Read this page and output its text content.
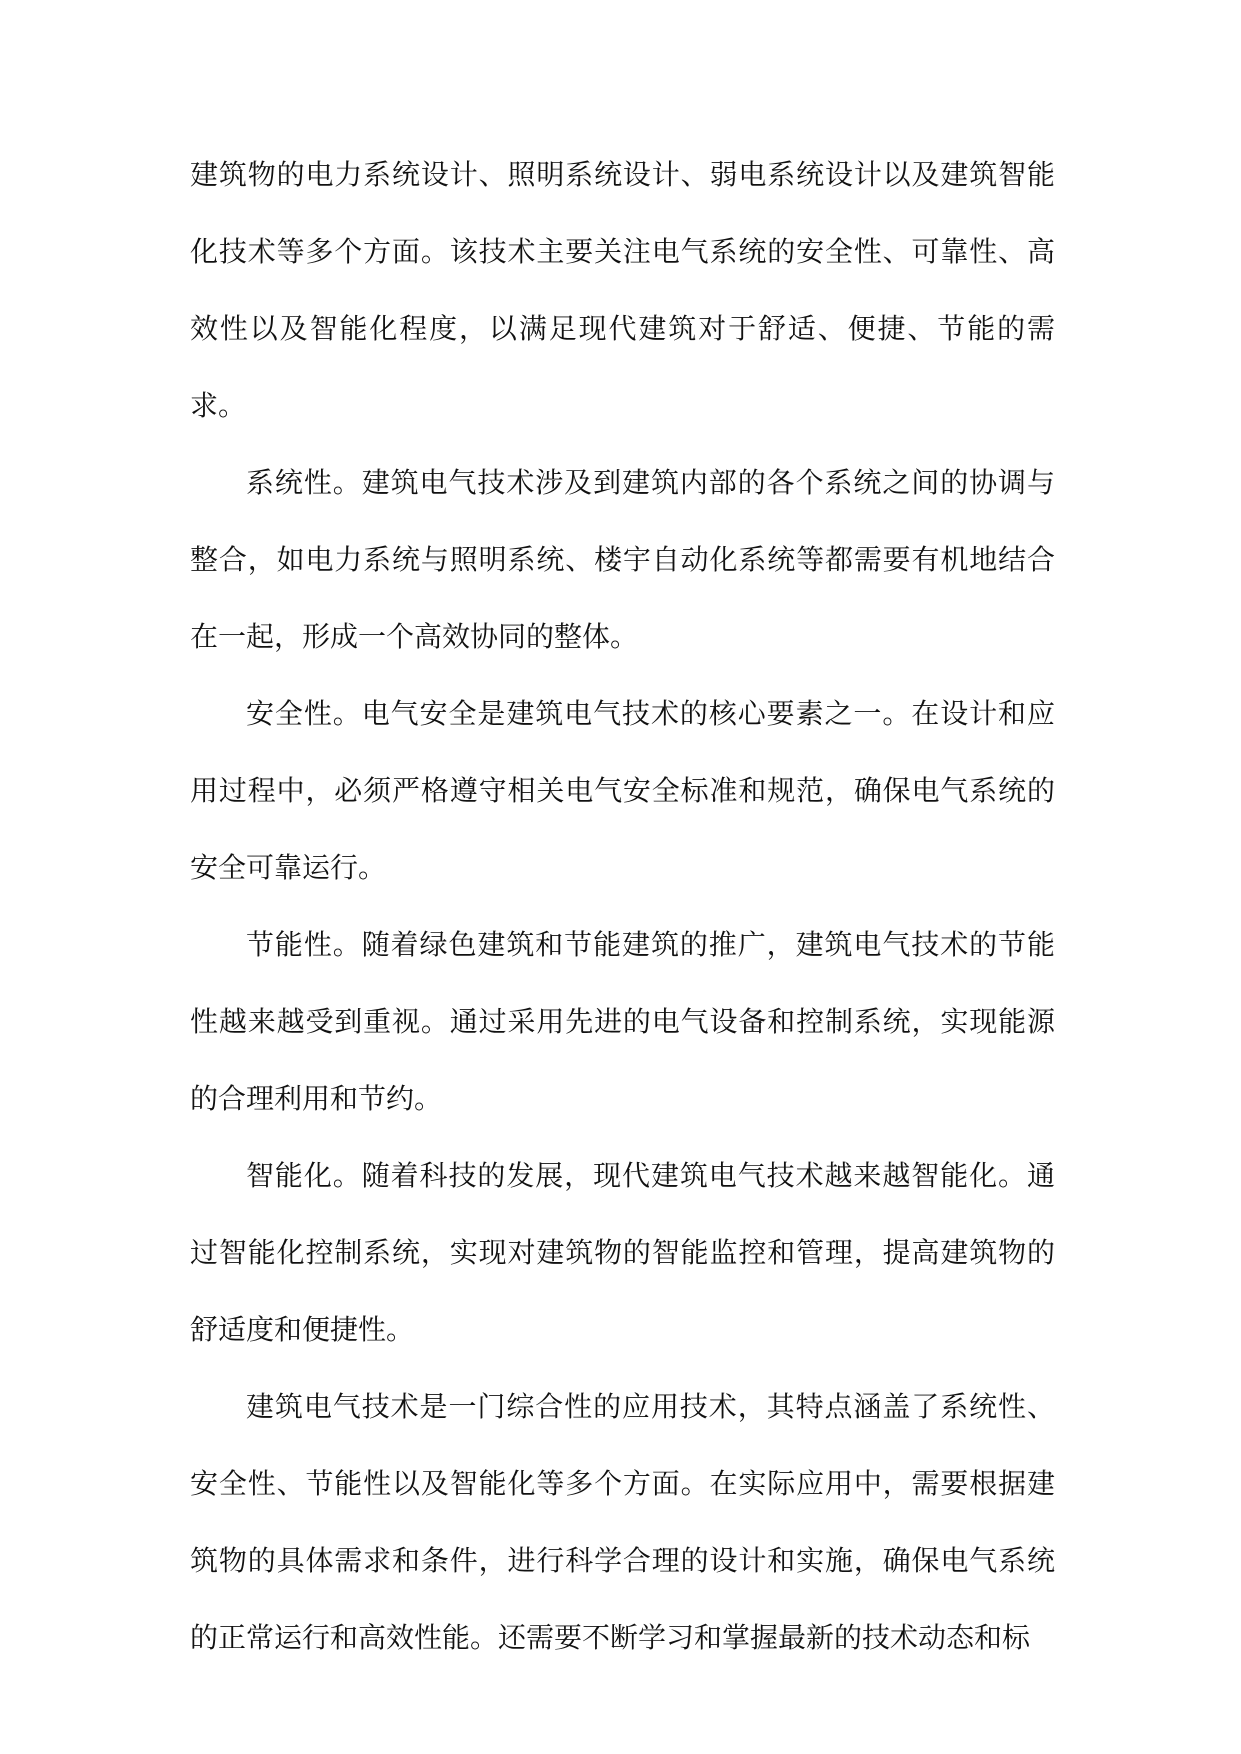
建筑物的电力系统设计、照明系统设计、弱电系统设计以及建筑智能化技术等多个方面。该技术主要关注电气系统的安全性、可靠性、高效性以及智能化程度，以满足现代建筑对于舒适、便捷、节能的需求。

系统性。建筑电气技术涉及到建筑内部的各个系统之间的协调与整合，如电力系统与照明系统、楼宇自动化系统等都需要有机地结合在一起，形成一个高效协同的整体。

安全性。电气安全是建筑电气技术的核心要素之一。在设计和应用过程中，必须严格遵守相关电气安全标准和规范，确保电气系统的安全可靠运行。

节能性。随着绿色建筑和节能建筑的推广，建筑电气技术的节能性越来越受到重视。通过采用先进的电气设备和控制系统，实现能源的合理利用和节约。

智能化。随着科技的发展，现代建筑电气技术越来越智能化。通过智能化控制系统，实现对建筑物的智能监控和管理，提高建筑物的舒适度和便捷性。

建筑电气技术是一门综合性的应用技术，其特点涵盖了系统性、安全性、节能性以及智能化等多个方面。在实际应用中，需要根据建筑物的具体需求和条件，进行科学合理的设计和实施，确保电气系统的正常运行和高效性能。还需要不断学习和掌握最新的技术动态和标
